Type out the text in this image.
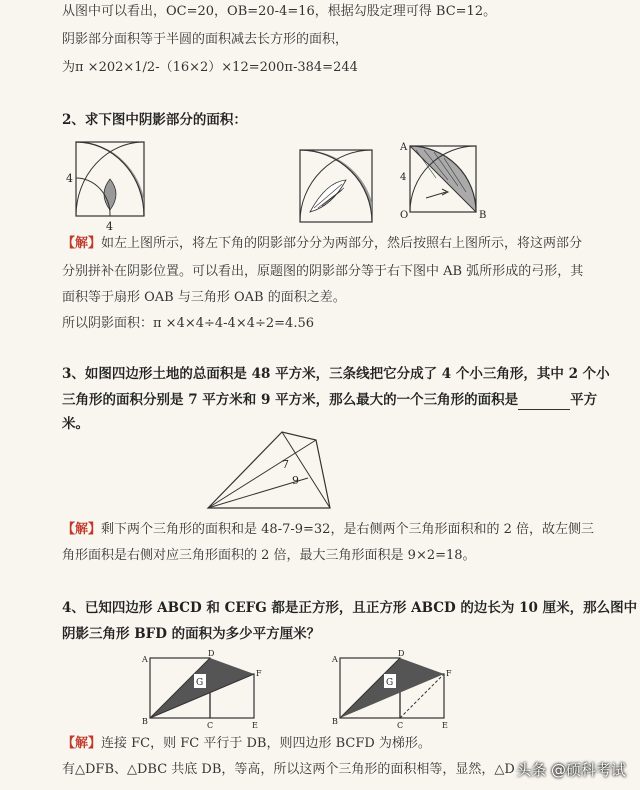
从图中可以看出，OC=20，OB=20-4=16，根据勾股定理可得 BC=12。
阴影部分面积等于半圆的面积减去长方形的面积，
为π ×202×1/2-（16×2）×12=200π-384=244
2、求下图中阴影部分的面积：
4
4
A
4
O	B
【解】如左上图所示，将左下角的阴影部分分为两部分，然后按照右上图所示，将这两部分
分别拼补在阴影位置。可以看出，原题图的阴影部分等于右下图中 AB 弧所形成的弓形，其
面积等于扇形 OAB 与三角形 OAB 的面积之差。
所以阴影面积：π ×4×4÷4-4×4÷2=4.56
3、如图四边形土地的总面积是 48 平方米，三条线把它分成了 4 个小三角形，其中 2 个小
三角形的面积分别是 7 平方米和 9 平方米，那么最大的一个三角形的面积是	平方
米。
7
9
【解】剩下两个三角形的面积和是 48-7-9=32，是右侧两个三角形面积和的 2 倍，故左侧三
角形面积是右侧对应三角形面积的 2 倍，最大三角形面积是 9×2=18。
4、已知四边形 ABCD 和 CEFG 都是正方形，且正方形 ABCD 的边长为 10 厘米，那么图中
阴影三角形 BFD 的面积为多少平方厘米？
G
A
D
F
B	C	E
G
A
D
F
B	C	E
【解】连接 FC，则 FC 平行于 DB，则四边形 BCFD 为梯形。
有△DFB、△DBC 共底 DB，等高，所以这两个三角形的面积相等，显然，△D 头条 @硕科考试
